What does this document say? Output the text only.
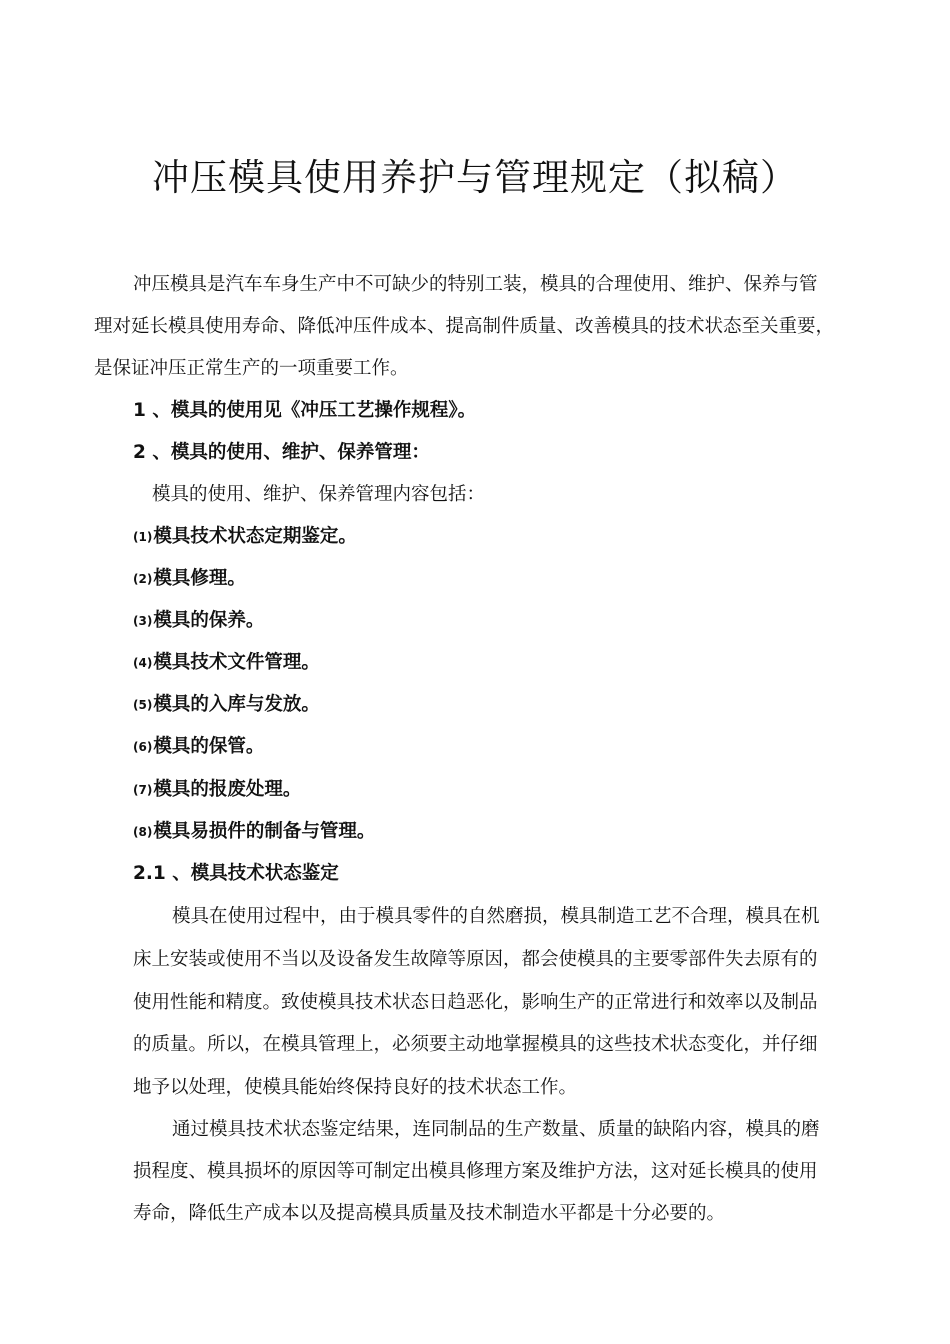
冲压模具使用养护与管理规定（拟稿）
冲压模具是汽车车身生产中不可缺少的特别工装，模具的合理使用、维护、保养与管
理对延长模具使用寿命、降低冲压件成本、提高制件质量、改善模具的技术状态至关重要，
是保证冲压正常生产的一项重要工作。
1 、模具的使用见《冲压工艺操作规程》。
2 、模具的使用、维护、保养管理：
模具的使用、维护、保养管理内容包括：
(1)模具技术状态定期鉴定。
(2)模具修理。
(3)模具的保养。
(4)模具技术文件管理。
(5)模具的入库与发放。
(6)模具的保管。
(7)模具的报废处理。
(8)模具易损件的制备与管理。
2.1 、模具技术状态鉴定
模具在使用过程中，由于模具零件的自然磨损，模具制造工艺不合理，模具在机
床上安装或使用不当以及设备发生故障等原因，都会使模具的主要零部件失去原有的
使用性能和精度。致使模具技术状态日趋恶化，影响生产的正常进行和效率以及制品
的质量。所以，在模具管理上，必须要主动地掌握模具的这些技术状态变化，并仔细
地予以处理，使模具能始终保持良好的技术状态工作。
通过模具技术状态鉴定结果，连同制品的生产数量、质量的缺陷内容，模具的磨
损程度、模具损坏的原因等可制定出模具修理方案及维护方法，这对延长模具的使用
寿命，降低生产成本以及提高模具质量及技术制造水平都是十分必要的。
